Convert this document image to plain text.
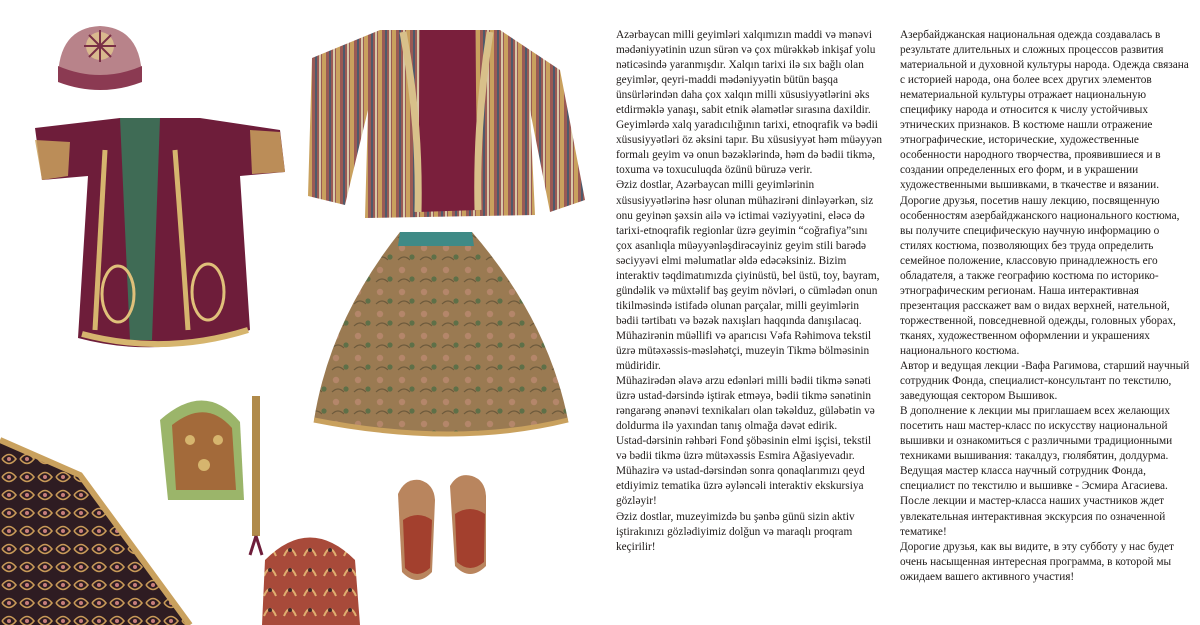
Azərbaycan milli geyimləri xalqımızın maddi və mənəvi mədəniyyətinin uzun sürən və çox mürəkkəb inkişaf yolu nəticəsində yaranmışdır. Xalqın tarixi ilə sıx bağlı olan geyimlər, qeyri-maddi mədəniyyətin bütün başqa ünsürlərindən daha çox xalqın milli xüsusiyyətlərini əks etdirməklə yanaşı, sabit etnik əlamətlər sırasına daxildir. Geyimlərdə xalq yaradıcılığının tarixi, etnoqrafik və bədii xüsusiyyətləri öz əksini tapır. Bu xüsusiyyət həm müəyyən formalı geyim və onun bəzəklərində, həm də bədii tikmə, toxuma və toxuculuqda özünü büruzə verir.

Əziz dostlar, Azərbaycan milli geyimlərinin xüsusiyyətlərinə həsr olunan mühazirəni dinləyərkən, siz onu geyinən şəxsin ailə və ictimai vəziyyətini, eləcə də tarixi-etnoqrafik regionlar üzrə geyimin “coğrafiya”sını çox asanlıqla müəyyənləşdirəcəyiniz geyim stili barədə səciyyəvi elmi məlumatlar əldə edəcəksiniz. Bizim interaktiv təqdimatımızda çiyinüstü, bel üstü, toy, bayram, gündəlik və müxtəlif baş geyim növləri, o cümlədən onun tikilməsində istifadə olunan parçalar, milli geyimlərin bədii tərtibatı və bəzək naxışları haqqında danışılacaq.

Mühazirənin müəllifi və aparıcısı Vəfa Rəhimova tekstil üzrə mütəxəssis-məsləhətçi, muzeyin Tikmə bölməsinin müdiridir.

Mühazirədən əlavə arzu edənləri milli bədii tikmə sənəti üzrə ustad-dərsində iştirak etməyə, bədii tikmə sənətinin rəngarəng ənənəvi texnikaları olan təkəlduz, güləbətin və doldurma ilə yaxından tanış olmağa dəvət edirik.

Ustad-dərsinin rəhbəri Fond şöbəsinin elmi işçisi, tekstil və bədii tikmə üzrə mütəxəssis Esmira Ağasiyevadır.

Mühazirə və ustad-dərsindən sonra qonaqlarımızı qeyd etdiyimiz tematika üzrə əyləncəli interaktiv ekskursiya gözləyir!

Əziz dostlar, muzeyimizdə bu şənbə günü sizin aktiv iştirakınızı gözlədiyimiz dolğun və maraqlı proqram keçirilir!

Азербайджанская национальная одежда создавалась в результате длительных и сложных процессов развития материальной и духовной культуры народа. Одежда связана с историей народа, она более всех других элементов нематериальной культуры отражает национальную специфику народа и относится к числу устойчивых этнических признаков. В костюме нашли отражение этнографические, исторические, художественные особенности народного творчества, проявившиеся и в создании определенных его форм, и в украшении художественными вышивками, в ткачестве и вязании.

Дорогие друзья, посетив нашу лекцию, посвященную особенностям азербайджанского национального костюма, вы получите специфическую научную информацию о стилях костюма, позволяющих без труда определить семейное положение, классовую принадлежность его обладателя, а также географию костюма по историко-этнографическим регионам. Наша интерактивная презентация расскажет вам о видах верхней, нательной, торжественной, повседневной одежды, головных уборах, тканях, художественном оформлении и украшениях национального костюма.

Автор и ведущая лекции -Вафа Рагимова, старший научный сотрудник Фонда, специалист-консультант по текстилю, заведующая сектором Вышивок.

В дополнение к лекции мы приглашаем всех желающих посетить наш мастер-класс по искусству национальной вышивки и ознакомиться с различными традиционными техниками вышивания: такалдуз, гюлябятин, долдурма.

Ведущая мастер класса научный сотрудник Фонда, специалист по текстилю и вышивке - Эсмира Агасиева.

После лекции и мастер-класса наших участников ждет увлекательная интерактивная экскурсия по означенной тематике!

Дорогие друзья, как вы видите, в эту субботу у нас будет очень насыщенная интересная программа, в которой мы ожидаем вашего активного участия!
